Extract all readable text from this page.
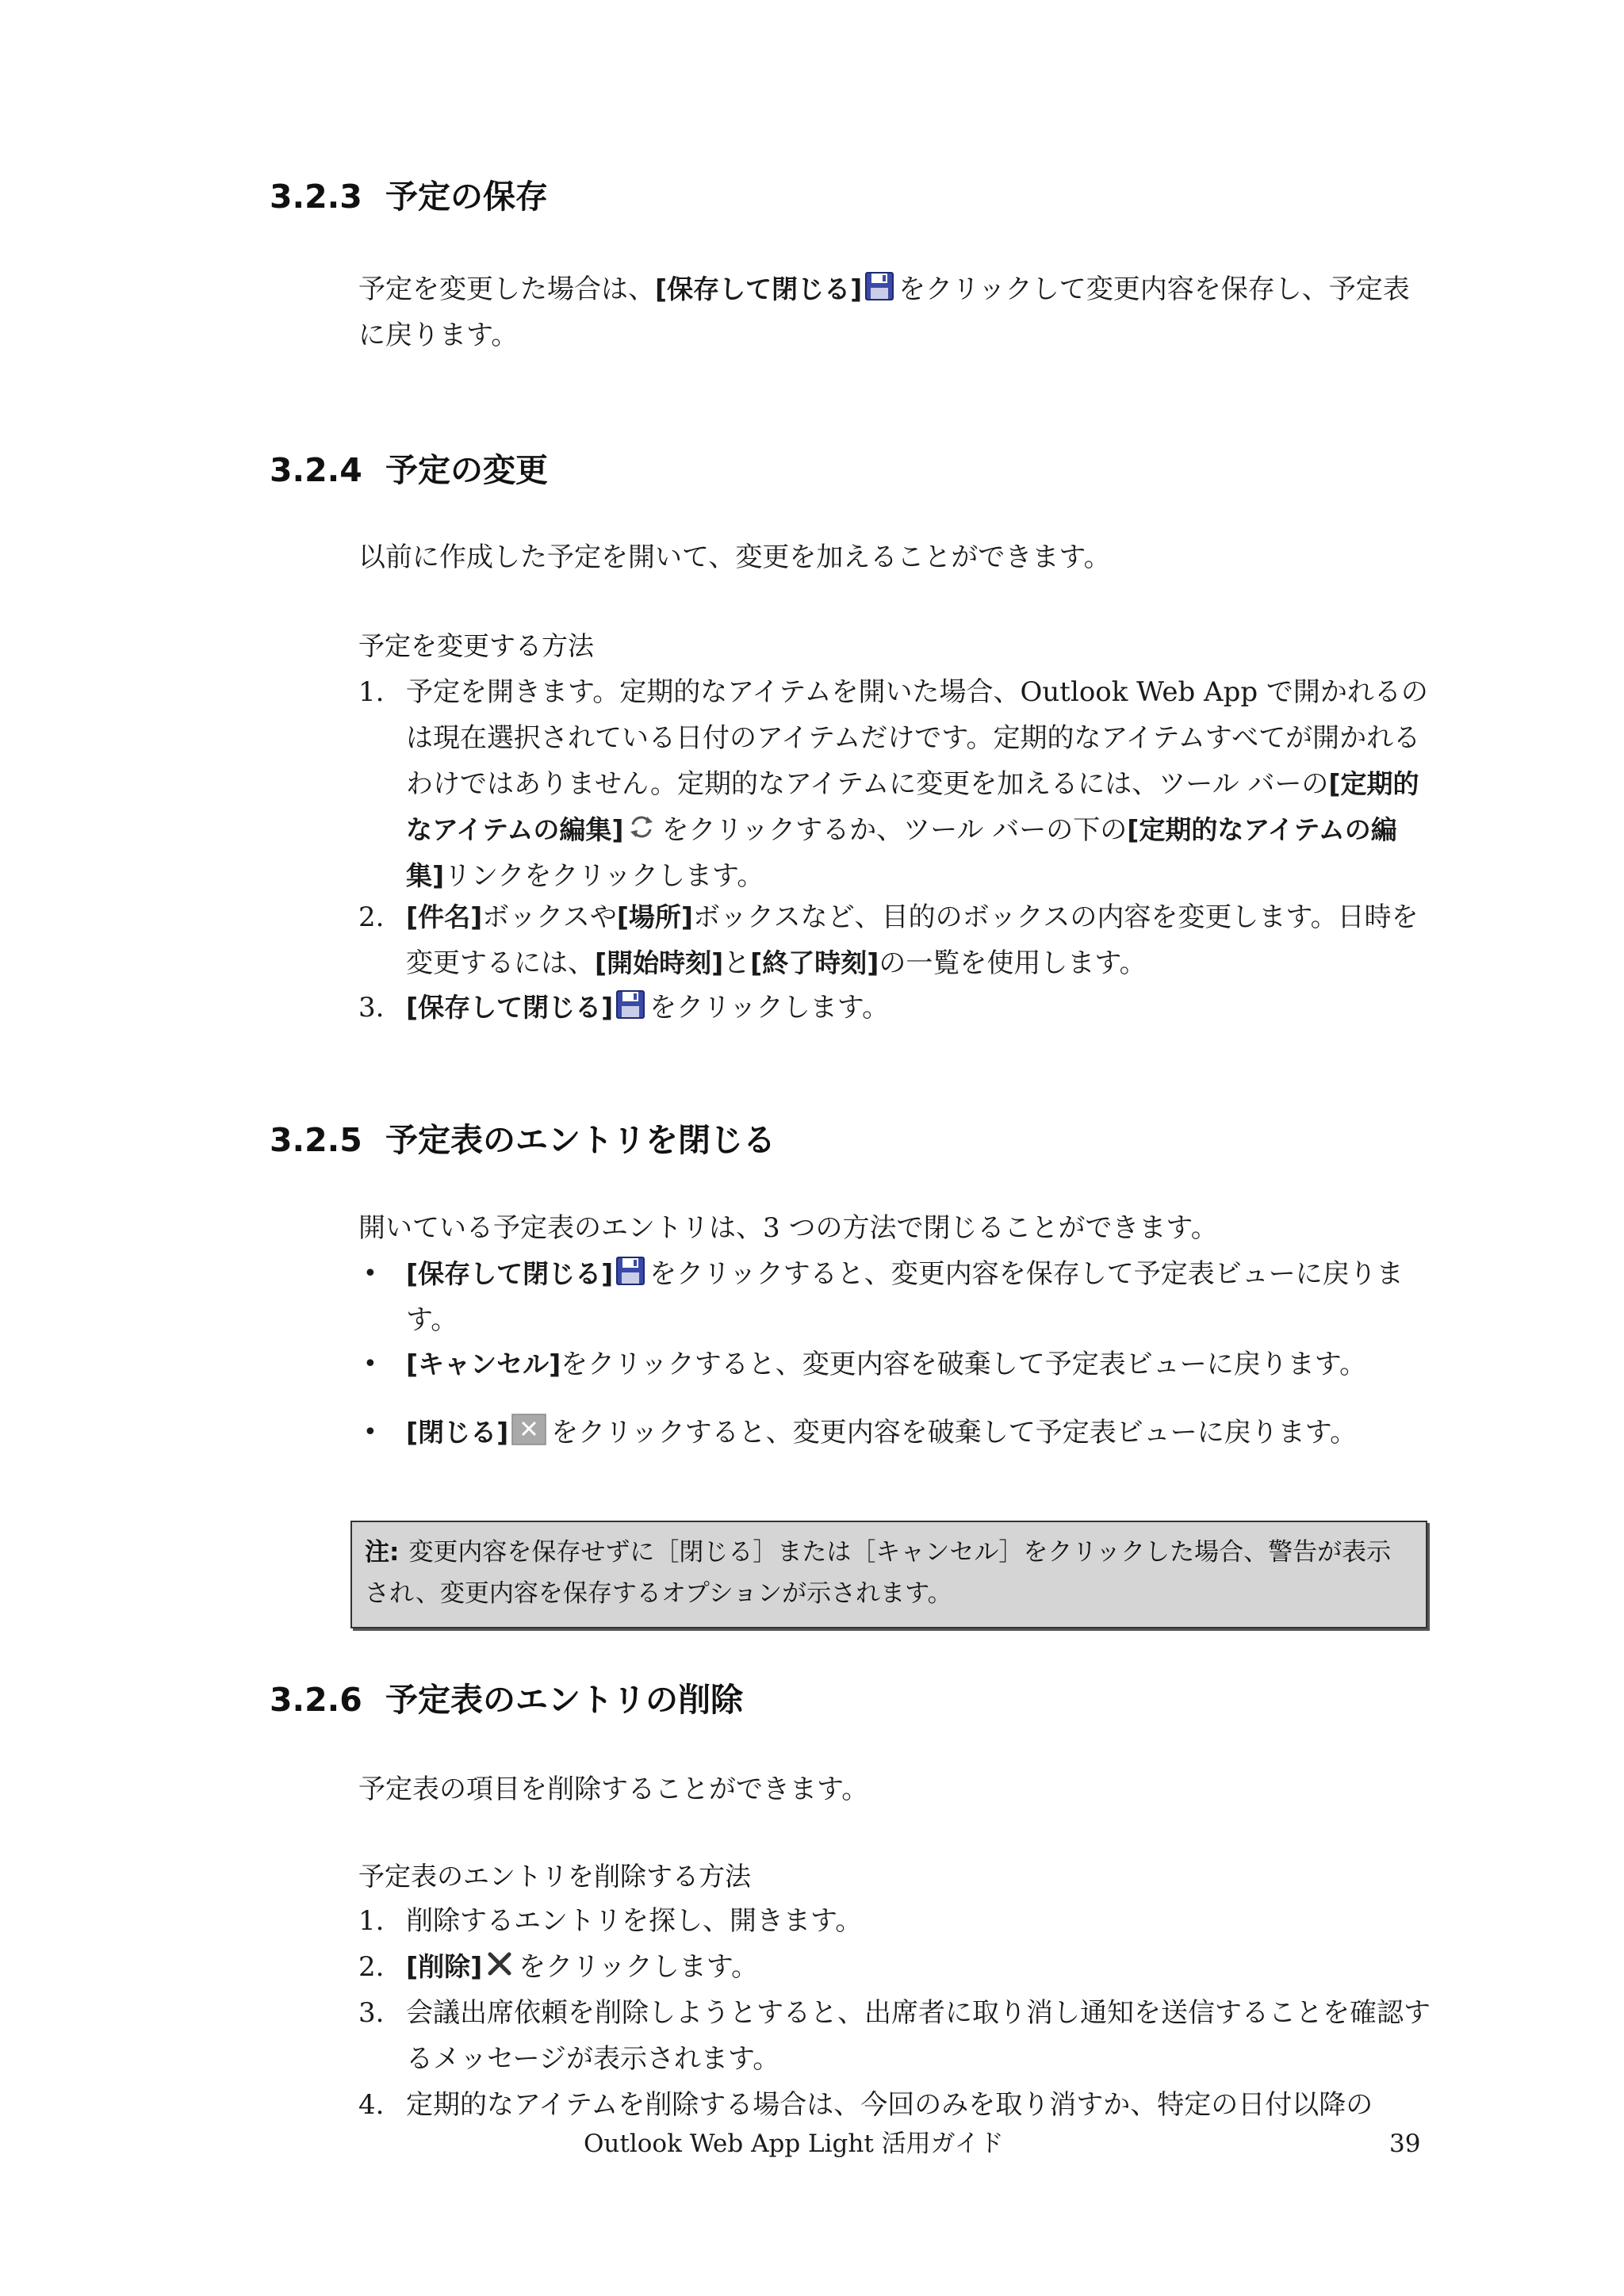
3.2.3 予定の保存
予定を変更した場合は、[保存して閉じる] をクリックして変更内容を保存し、予定表に戻ります。
3.2.4 予定の変更
以前に作成した予定を開いて、変更を加えることができます。
予定を変更する方法
1. 予定を開きます。定期的なアイテムを開いた場合、Outlook Web App で開かれるのは現在選択されている日付のアイテムだけです。定期的なアイテムすべてが開かれるわけではありません。定期的なアイテムに変更を加えるには、ツール バーの[定期的なアイテムの編集] をクリックするか、ツール バーの下の[定期的なアイテムの編集]リンクをクリックします。
2. [件名]ボックスや[場所]ボックスなど、目的のボックスの内容を変更します。日時を変更するには、[開始時刻]と[終了時刻]の一覧を使用します。
3. [保存して閉じる] をクリックします。
3.2.5 予定表のエントリを閉じる
開いている予定表のエントリは、3 つの方法で閉じることができます。
•	[保存して閉じる] をクリックすると、変更内容を保存して予定表ビューに戻ります。
•	[キャンセル]をクリックすると、変更内容を破棄して予定表ビューに戻ります。
•	[閉じる] をクリックすると、変更内容を破棄して予定表ビューに戻ります。
注: 変更内容を保存せずに［閉じる］または［キャンセル］をクリックした場合、警告が表示され、変更内容を保存するオプションが示されます。
3.2.6 予定表のエントリの削除
予定表の項目を削除することができます。
予定表のエントリを削除する方法
1. 削除するエントリを探し、開きます。
2. [削除] をクリックします。
3. 会議出席依頼を削除しようとすると、出席者に取り消し通知を送信することを確認するメッセージが表示されます。
4. 定期的なアイテムを削除する場合は、今回のみを取り消すか、特定の日付以降の
Outlook Web App Light 活用ガイド	39
